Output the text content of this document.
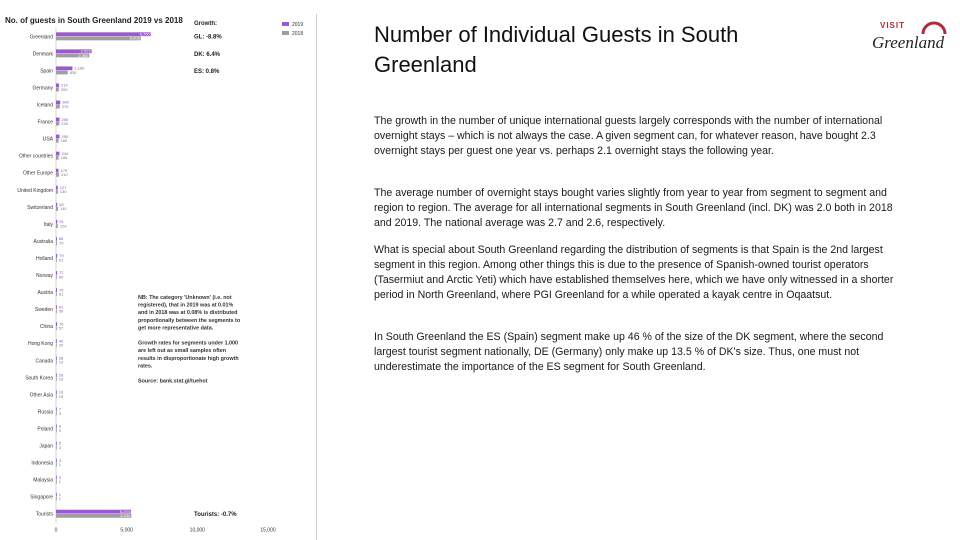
Greenland
6,700
6,000
Denmark
2,523
2,360
Spain
1,160
830
Germany
214
200
Iceland
300
270
France
250
230
USA
250
180
Other countries
244
185
Other Europe
179
210
United Kingdom
127
130
Switzerland
90
140
Italy
91
129
Australia
66
70
Holland
79
61
Norway
77
60
Austria
75
61
Sweden
61
59
China
76
57
Hong Kong
40
20
Canada
28
10
South Korea
26
10
Other Asia
16
15
Russia
7
3
Poland
6
3
Japan
5
3
Indonesia
3
1
Malaysia
3
1
Singapore
1
1
Tourists
5,294
5,330
0	5,000	10,000	15,000
2019
2018
Growth:
GL: -8.8%
DK: 6.4%
ES: 0.8%
Tourists: -0.7%
NB: The category 'Unknown' (i.e. not
registered), that in 2019 was at 0.01%
and in 2018 was at 0.08% is distributed
proportionally between the segments to
get more representative data.
Growth rates for segments under 1.000
are left out as small samples often
results in disproportionate high growth
rates.
Source: bank.stat.gl/tuehot
No. of guests in South Greenland 2019 vs 2018
Number of Individual Guests in South Greenland

The growth in the number of unique international guests largely corresponds with the number of international overnight stays – which is not always the case. A given segment can, for whatever reason, have bought 2.3 overnight stays per guest one year vs. perhaps 2.1 overnight stays the following year.

The average number of overnight stays bought varies slightly from year to year from segment to segment and region to region. The average for all international segments in South Greenland (incl. DK) was 2.0 both in 2018 and 2019. The national average was 2.7 and 2.6, respectively.

What is special about South Greenland regarding the distribution of segments is that Spain is the 2nd largest segment in this region. Among other things this is due to the presence of Spanish-owned tourist operators (Tasermiut and Arctic Yeti) which have established themselves here, which we have only witnessed in a shorter period in North Greenland, where PGI Greenland for a while operated a kayak centre in Oqaatsut.

In South Greenland the ES (Spain) segment make up 46 % of the size of the DK segment, where the second largest tourist segment nationally, DE (Germany) only make up 13.5 % of DK's size. Thus, one must not underestimate the importance of the ES segment for South Greenland.

VISIT
Greenland
